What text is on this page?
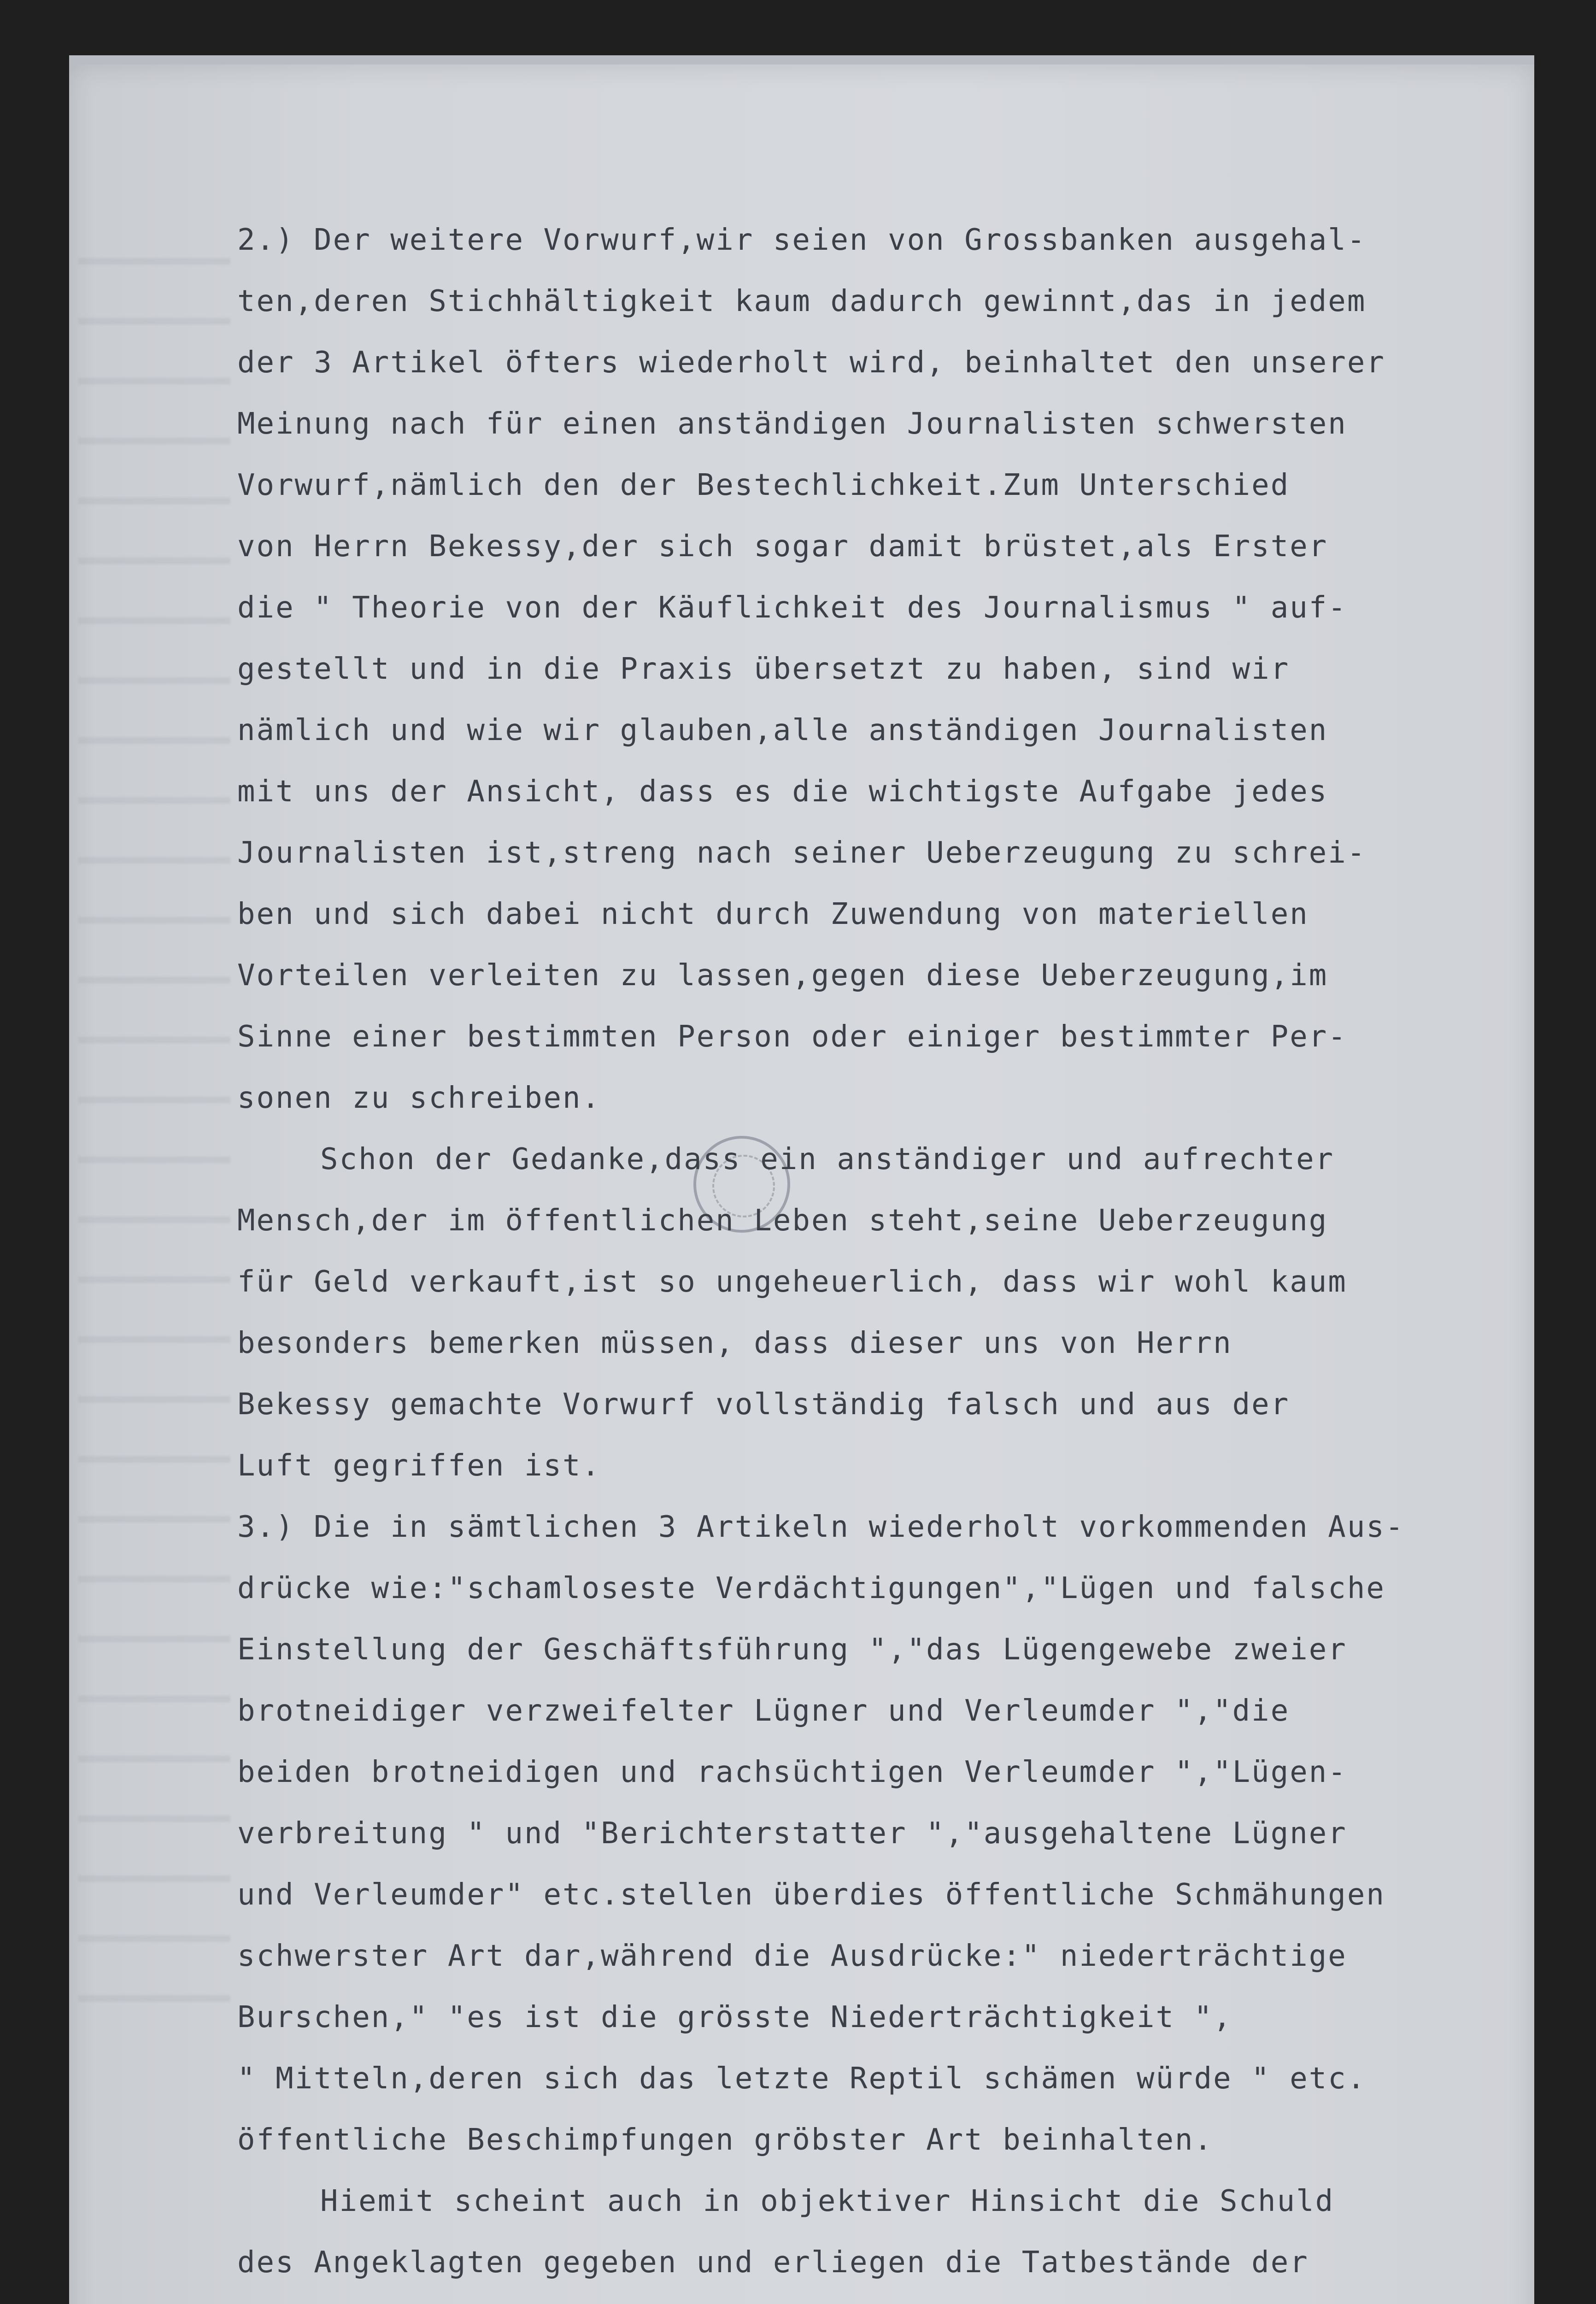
2.) Der weitere Vorwurf,wir seien von Grossbanken ausgehal-
ten,deren Stichhältigkeit kaum dadurch gewinnt,das in jedem
der 3 Artikel öfters wiederholt wird, beinhaltet den unserer
Meinung nach für einen anständigen Journalisten schwersten
Vorwurf,nämlich den der Bestechlichkeit.Zum Unterschied
von Herrn Bekessy,der sich sogar damit brüstet,als Erster
die " Theorie von der Käuflichkeit des Journalismus " auf-
gestellt und in die Praxis übersetzt zu haben, sind wir
nämlich und wie wir glauben,alle anständigen Journalisten
mit uns der Ansicht, dass es die wichtigste Aufgabe jedes
Journalisten ist,streng nach seiner Ueberzeugung zu schrei-
ben und sich dabei nicht durch Zuwendung von materiellen
Vorteilen verleiten zu lassen,gegen diese Ueberzeugung,im
Sinne einer bestimmten Person oder einiger bestimmter Per-
sonen zu schreiben.
Schon der Gedanke,dass ein anständiger und aufrechter
Mensch,der im öffentlichen Leben steht,seine Ueberzeugung
für Geld verkauft,ist so ungeheuerlich, dass wir wohl kaum
besonders bemerken müssen, dass dieser uns von Herrn
Bekessy gemachte Vorwurf vollständig falsch und aus der
Luft gegriffen ist.
3.) Die in sämtlichen 3 Artikeln wiederholt vorkommenden Aus-
drücke wie:"schamloseste Verdächtigungen","Lügen und falsche
Einstellung der Geschäftsführung ","das Lügengewebe zweier
brotneidiger verzweifelter Lügner und Verleumder ","die
beiden brotneidigen und rachsüchtigen Verleumder ","Lügen-
verbreitung " und "Berichterstatter ","ausgehaltene Lügner
und Verleumder" etc.stellen überdies öffentliche Schmähungen
schwerster Art dar,während die Ausdrücke:" niederträchtige
Burschen," "es ist die grösste Niederträchtigkeit ",
" Mitteln,deren sich das letzte Reptil schämen würde " etc.
öffentliche Beschimpfungen gröbster Art beinhalten.
Hiemit scheint auch in objektiver Hinsicht die Schuld
des Angeklagten gegeben und erliegen die Tatbestände der
